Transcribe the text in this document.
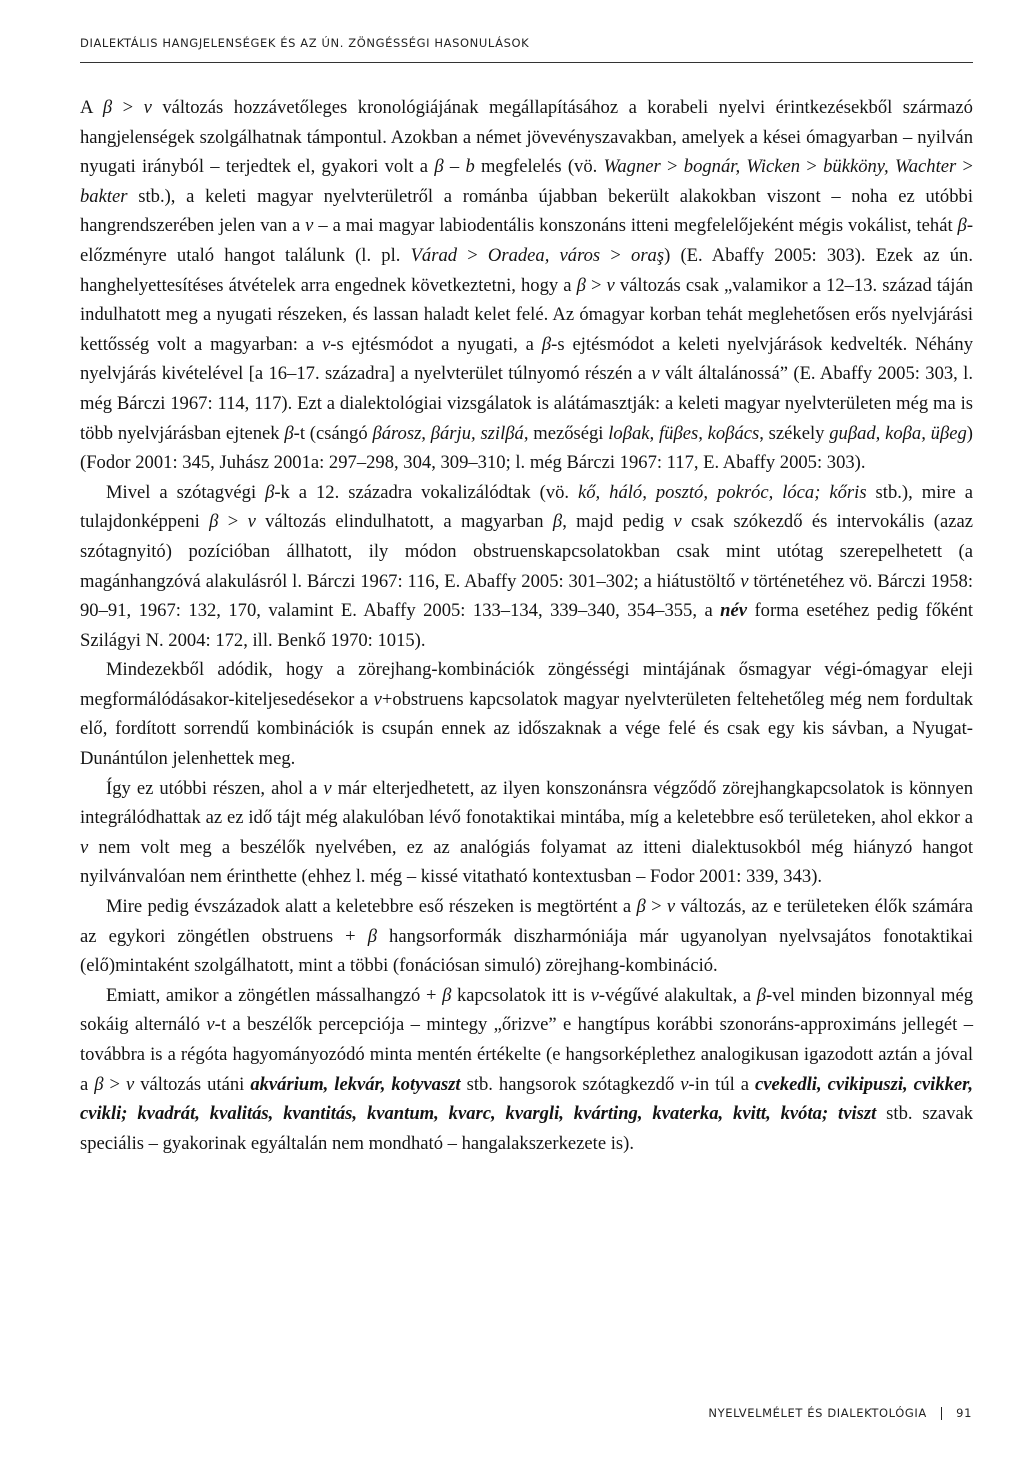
DIALEKTÁLIS HANGJELENSÉGEK ÉS AZ ÚN. ZÖNGÉSSÉGI HASONULÁSOK

A β > v változás hozzávetőleges kronológiájának megállapításához a korabeli nyelvi érintkezésekből származó hangjelenségek szolgálhatnak támpontul. Azokban a német jövevényszavakban, amelyek a kései ómagyarban – nyilván nyugati irányból – terjedtek el, gyakori volt a β – b megfelelés (vö. Wagner > bognár, Wicken > bükköny, Wachter > bakter stb.), a keleti magyar nyelvterületről a románba újabban bekerült alakokban viszont – noha ez utóbbi hangrendszerében jelen van a v – a mai magyar labiodentális konszonáns itteni megfelelőjeként mégis vokálist, tehát β-előzményre utaló hangot találunk (l. pl. Várad > Oradea, város > oraş) (E. Abaffy 2005: 303). Ezek az ún. hanghelyettesítéses átvételek arra engednek következtetni, hogy a β > v változás csak „valamikor a 12–13. század táján indulhatott meg a nyugati részeken, és lassan haladt kelet felé. Az ómagyar korban tehát meglehetősen erős nyelvjárási kettősség volt a magyarban: a v-s ejtésmódot a nyugati, a β-s ejtésmódot a keleti nyelvjárások kedvelték. Néhány nyelvjárás kivételével [a 16–17. századra] a nyelvterület túlnyomó részén a v vált általánossá” (E. Abaffy 2005: 303, l. még Bárczi 1967: 114, 117). Ezt a dialektológiai vizsgálatok is alátámasztják: a keleti magyar nyelvterületen még ma is több nyelvjárásban ejtenek β-t (csángó βárosz, βárju, szilβá, mezőségi loβak, füβes, koβács, székely guβad, koβa, üβeg) (Fodor 2001: 345, Juhász 2001a: 297–298, 304, 309–310; l. még Bárczi 1967: 117, E. Abaffy 2005: 303).

Mivel a szótagvégi β-k a 12. századra vokalizálódtak (vö. kő, háló, posztó, pokróc, lóca; kőris stb.), mire a tulajdonképpeni β > v változás elindulhatott, a magyarban β, majd pedig v csak szókezdő és intervokális (azaz szótagnyitó) pozícióban állhatott, ily módon obstruenskapcsolatokban csak mint utótag szerepelhetett (a magánhangzóvá alakulásról l. Bárczi 1967: 116, E. Abaffy 2005: 301–302; a hiátustöltő v történetéhez vö. Bárczi 1958: 90–91, 1967: 132, 170, valamint E. Abaffy 2005: 133–134, 339–340, 354–355, a név forma esetéhez pedig főként Szilágyi N. 2004: 172, ill. Benkő 1970: 1015).

Mindezekből adódik, hogy a zörejhang-kombinációk zöngésségi mintájának ősmagyar végi-ómagyar eleji megformálódásakor-kiteljesedésekor a v+obstruens kapcsolatok magyar nyelvterületen feltehetőleg még nem fordultak elő, fordított sorrendű kombinációk is csupán ennek az időszaknak a vége felé és csak egy kis sávban, a Nyugat-Dunántúlon jelenhettek meg.

Így ez utóbbi részen, ahol a v már elterjedhetett, az ilyen konszonánsra végződő zörejhangkapcsolatok is könnyen integrálódhattak az ez idő tájt még alakulóban lévő fonotaktikai mintába, míg a keletebbre eső területeken, ahol ekkor a v nem volt meg a beszélők nyelvében, ez az analógiás folyamat az itteni dialektusokból még hiányzó hangot nyilvánvalóan nem érinthette (ehhez l. még – kissé vitatható kontextusban – Fodor 2001: 339, 343).

Mire pedig évszázadok alatt a keletebbre eső részeken is megtörtént a β > v változás, az e területeken élők számára az egykori zöngétlen obstruens + β hangsorformák diszharmóniája már ugyanolyan nyelvsajátos fonotaktikai (elő)mintaként szolgálhatott, mint a többi (fonációsan simuló) zörejhang-kombináció.

Emiatt, amikor a zöngétlen mássalhangzó + β kapcsolatok itt is v-végűvé alakultak, a β-vel minden bizonnyal még sokáig alternáló v-t a beszélők percepciója – mintegy „őrizve” e hangtípus korábbi szonoráns-approximáns jellegét – továbbra is a régóta hagyományozódó minta mentén értékelte (e hangsorképlethez analogikusan igazodott aztán a jóval a β > v változás utáni akvárium, lekvár, kotyvaszt stb. hangsorok szótagkezdő v-in túl a cvekedli, cvikipuszi, cvikker, cvikli; kvadrát, kvalitás, kvantitás, kvantum, kvarc, kvargli, kvárting, kvaterka, kvitt, kvóta; tviszt stb. szavak speciális – gyakorinak egyáltalán nem mondható – hangalakszerkezete is).

NYELVELMÉLET ÉS DIALEKTOLÓGIA	91
